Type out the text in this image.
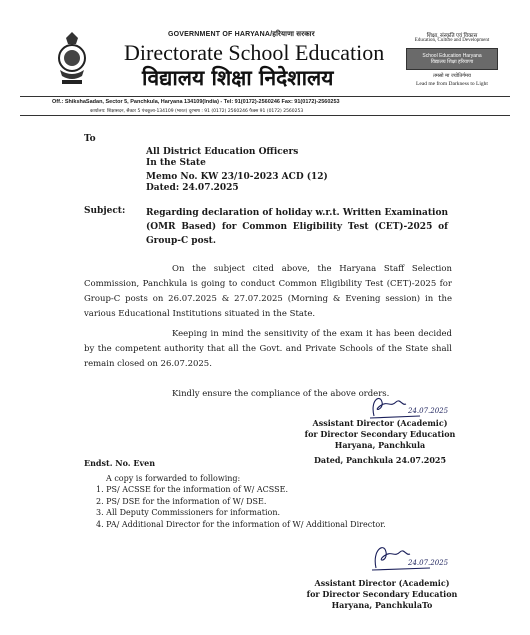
GOVERNMENT OF HARYANA/हरियाणा सरकार
Directorate School Education
विद्यालय शिक्षा निदेशालय
शिक्षा, संस्कृति एवं विकास
Education, Culture and Development
School Education Haryana
विद्यालय शिक्षा हरियाणा
तमसो मा ज्योतिर्गमय
Lead me from Darkness to Light
Off.: ShikshaSadan, Sector 5, Panchkula, Haryana 134109(India) - Tel: 91(0172)-2560246 Fax: 91(0172)-2560253
कार्यालय: शिक्षासदन, सैक्टर 5 पंचकूला-134109 (भारत) दूरभाष : 91 (0172) 2560246 फैक्स 91 (0172) 2560253
To
All District Education Officers
In the State
Memo No. KW 23/10-2023 ACD (12)
Dated: 24.07.2025
Subject: Regarding declaration of holiday w.r.t. Written Examination (OMR Based) for Common Eligibility Test (CET)-2025 of Group-C post.
On the subject cited above, the Haryana Staff Selection Commission, Panchkula is going to conduct Common Eligibility Test (CET)-2025 for Group-C posts on 26.07.2025 & 27.07.2025 (Morning & Evening session) in the various Educational Institutions situated in the State.
Keeping in mind the sensitivity of the exam it has been decided by the competent authority that all the Govt. and Private Schools of the State shall remain closed on 26.07.2025.
Kindly ensure the compliance of the above orders.
24.07.2025
Assistant Director (Academic)
for Director Secondary Education
Haryana, Panchkula
Dated, Panchkula 24.07.2025
Endst. No. Even
A copy is forwarded to following:
1. PS/ ACSSE for the information of W/ ACSSE.
2. PS/ DSE for the information of W/ DSE.
3. All Deputy Commissioners for information.
4. PA/ Additional Director for the information of W/ Additional Director.
24.07.2025
Assistant Director (Academic)
for Director Secondary Education
Haryana, PanchkulaTo
